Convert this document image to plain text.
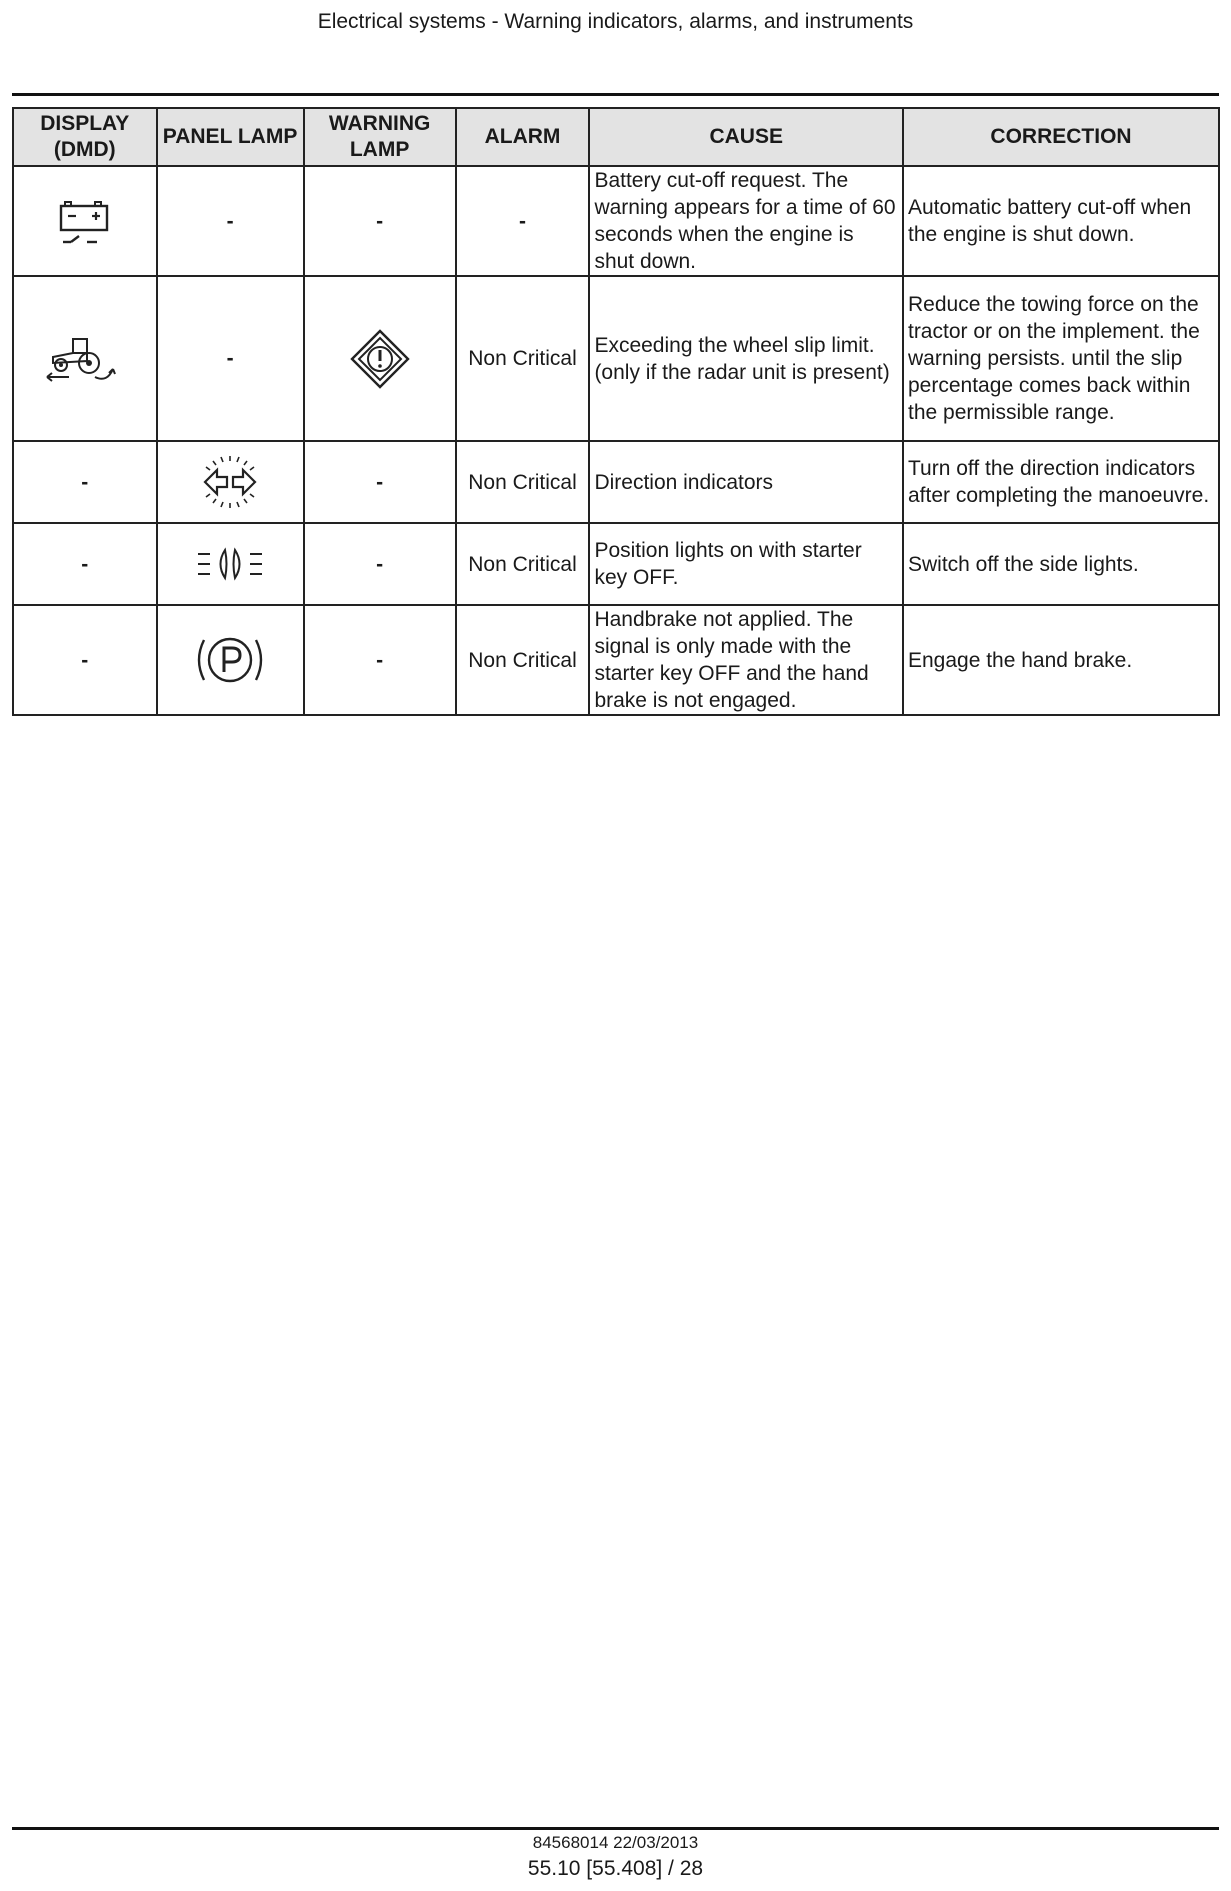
Electrical systems - Warning indicators, alarms, and instruments
DISPLAY (DMD)	PANEL LAMP	WARNING LAMP	ALARM	CAUSE	CORRECTION

	-	-	-	Battery cut-off request. The warning appears for a time of 60 seconds when the engine is shut down.	Automatic battery cut-off when the engine is shut down.

	-		Non Critical	Exceeding the wheel slip limit. (only if the radar unit is present)	Reduce the towing force on the tractor or on the implement. the warning persists. until the slip percentage comes back within the permissible range.
-		-	Non Critical	Direction indicators	Turn off the direction indicators after completing the manoeuvre.
-		-	Non Critical	Position lights on with starter key OFF.	Switch off the side lights.
-		-	Non Critical	Handbrake not applied. The signal is only made with the starter key OFF and the hand brake is not engaged.	Engage the hand brake.
84568014 22/03/2013
55.10 [55.408] / 28
